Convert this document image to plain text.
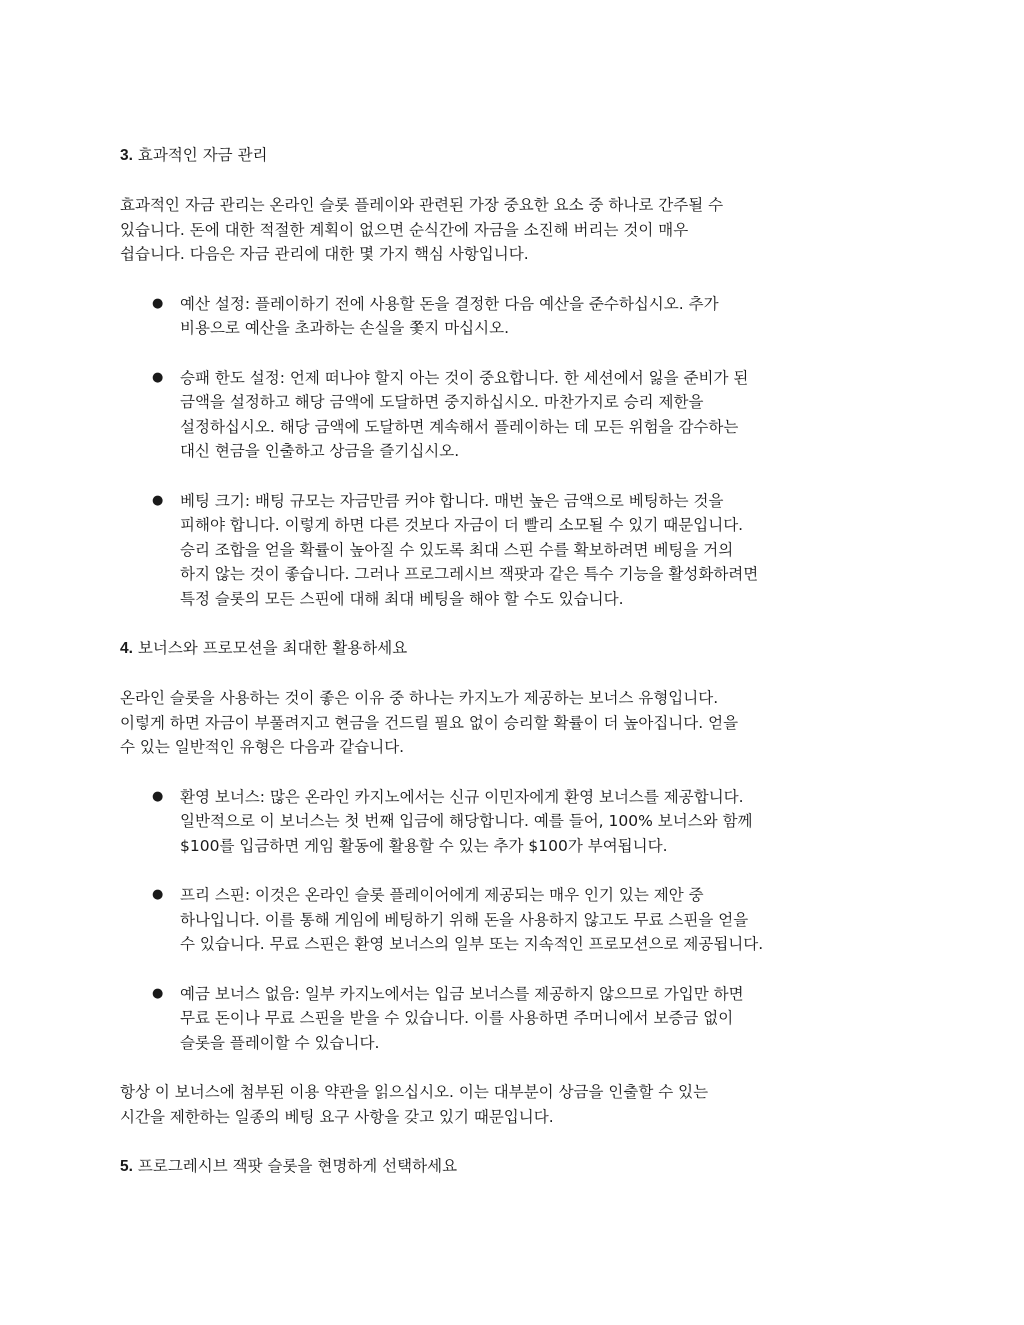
3. 효과적인 자금 관리
효과적인 자금 관리는 온라인 슬롯 플레이와 관련된 가장 중요한 요소 중 하나로 간주될 수
있습니다. 돈에 대한 적절한 계획이 없으면 순식간에 자금을 소진해 버리는 것이 매우
쉽습니다. 다음은 자금 관리에 대한 몇 가지 핵심 사항입니다.
● 예산 설정: 플레이하기 전에 사용할 돈을 결정한 다음 예산을 준수하십시오. 추가
비용으로 예산을 초과하는 손실을 쫓지 마십시오.
● 승패 한도 설정: 언제 떠나야 할지 아는 것이 중요합니다. 한 세션에서 잃을 준비가 된
금액을 설정하고 해당 금액에 도달하면 중지하십시오. 마찬가지로 승리 제한을
설정하십시오. 해당 금액에 도달하면 계속해서 플레이하는 데 모든 위험을 감수하는
대신 현금을 인출하고 상금을 즐기십시오.
● 베팅 크기: 배팅 규모는 자금만큼 커야 합니다. 매번 높은 금액으로 베팅하는 것을
피해야 합니다. 이렇게 하면 다른 것보다 자금이 더 빨리 소모될 수 있기 때문입니다.
승리 조합을 얻을 확률이 높아질 수 있도록 최대 스핀 수를 확보하려면 베팅을 거의
하지 않는 것이 좋습니다. 그러나 프로그레시브 잭팟과 같은 특수 기능을 활성화하려면
특정 슬롯의 모든 스핀에 대해 최대 베팅을 해야 할 수도 있습니다.
4. 보너스와 프로모션을 최대한 활용하세요
온라인 슬롯을 사용하는 것이 좋은 이유 중 하나는 카지노가 제공하는 보너스 유형입니다.
이렇게 하면 자금이 부풀려지고 현금을 건드릴 필요 없이 승리할 확률이 더 높아집니다. 얻을
수 있는 일반적인 유형은 다음과 같습니다.
● 환영 보너스: 많은 온라인 카지노에서는 신규 이민자에게 환영 보너스를 제공합니다.
일반적으로 이 보너스는 첫 번째 입금에 해당합니다. 예를 들어, 100% 보너스와 함께
$100를 입금하면 게임 활동에 활용할 수 있는 추가 $100가 부여됩니다.
● 프리 스핀: 이것은 온라인 슬롯 플레이어에게 제공되는 매우 인기 있는 제안 중
하나입니다. 이를 통해 게임에 베팅하기 위해 돈을 사용하지 않고도 무료 스핀을 얻을
수 있습니다. 무료 스핀은 환영 보너스의 일부 또는 지속적인 프로모션으로 제공됩니다.
● 예금 보너스 없음: 일부 카지노에서는 입금 보너스를 제공하지 않으므로 가입만 하면
무료 돈이나 무료 스핀을 받을 수 있습니다. 이를 사용하면 주머니에서 보증금 없이
슬롯을 플레이할 수 있습니다.
항상 이 보너스에 첨부된 이용 약관을 읽으십시오. 이는 대부분이 상금을 인출할 수 있는
시간을 제한하는 일종의 베팅 요구 사항을 갖고 있기 때문입니다.
5. 프로그레시브 잭팟 슬롯을 현명하게 선택하세요
